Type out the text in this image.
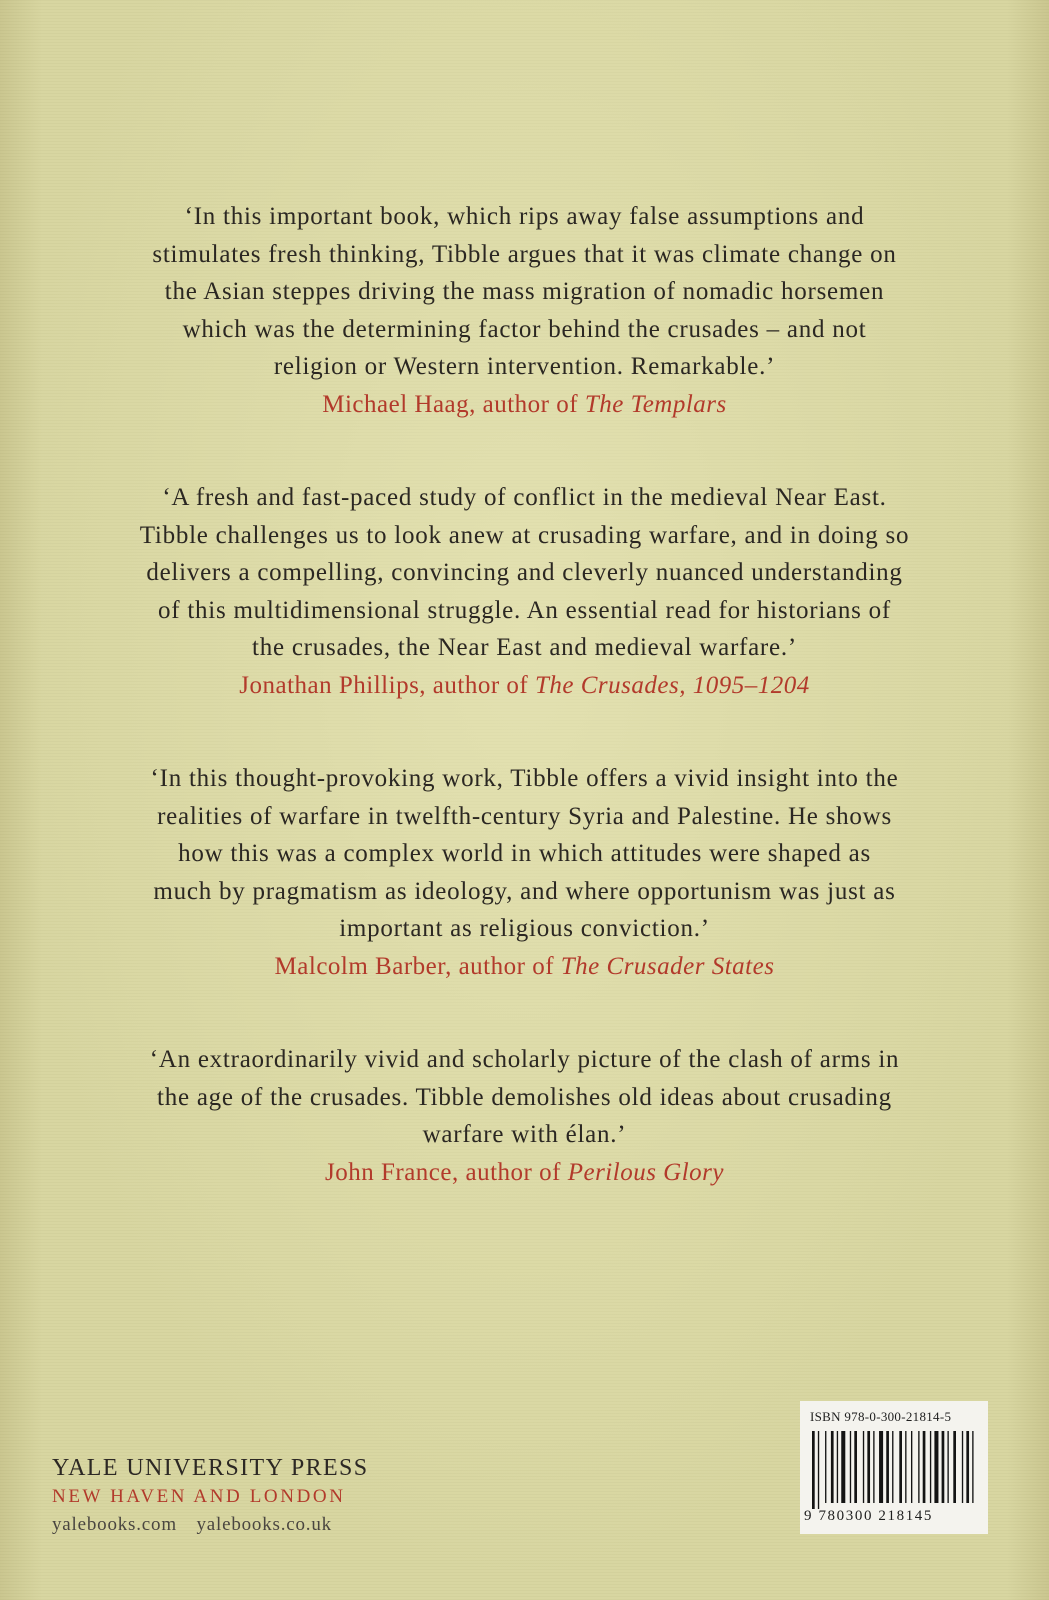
‘In this important book, which rips away false assumptions and
stimulates fresh thinking, Tibble argues that it was climate change on
the Asian steppes driving the mass migration of nomadic horsemen
which was the determining factor behind the crusades – and not
religion or Western intervention. Remarkable.’

Michael Haag, author of The Templars

‘A fresh and fast-paced study of conflict in the medieval Near East.
Tibble challenges us to look anew at crusading warfare, and in doing so
delivers a compelling, convincing and cleverly nuanced understanding
of this multidimensional struggle. An essential read for historians of
the crusades, the Near East and medieval warfare.’

Jonathan Phillips, author of The Crusades, 1095–1204

‘In this thought-provoking work, Tibble offers a vivid insight into the
realities of warfare in twelfth-century Syria and Palestine. He shows
how this was a complex world in which attitudes were shaped as
much by pragmatism as ideology, and where opportunism was just as
important as religious conviction.’

Malcolm Barber, author of The Crusader States

‘An extraordinarily vivid and scholarly picture of the clash of arms in
the age of the crusades. Tibble demolishes old ideas about crusading
warfare with élan.’

John France, author of Perilous Glory

YALE UNIVERSITY PRESS
NEW HAVEN AND LONDON
yalebooks.com yalebooks.co.uk
ISBN 978-0-300-21814-5
9 780300 218145
